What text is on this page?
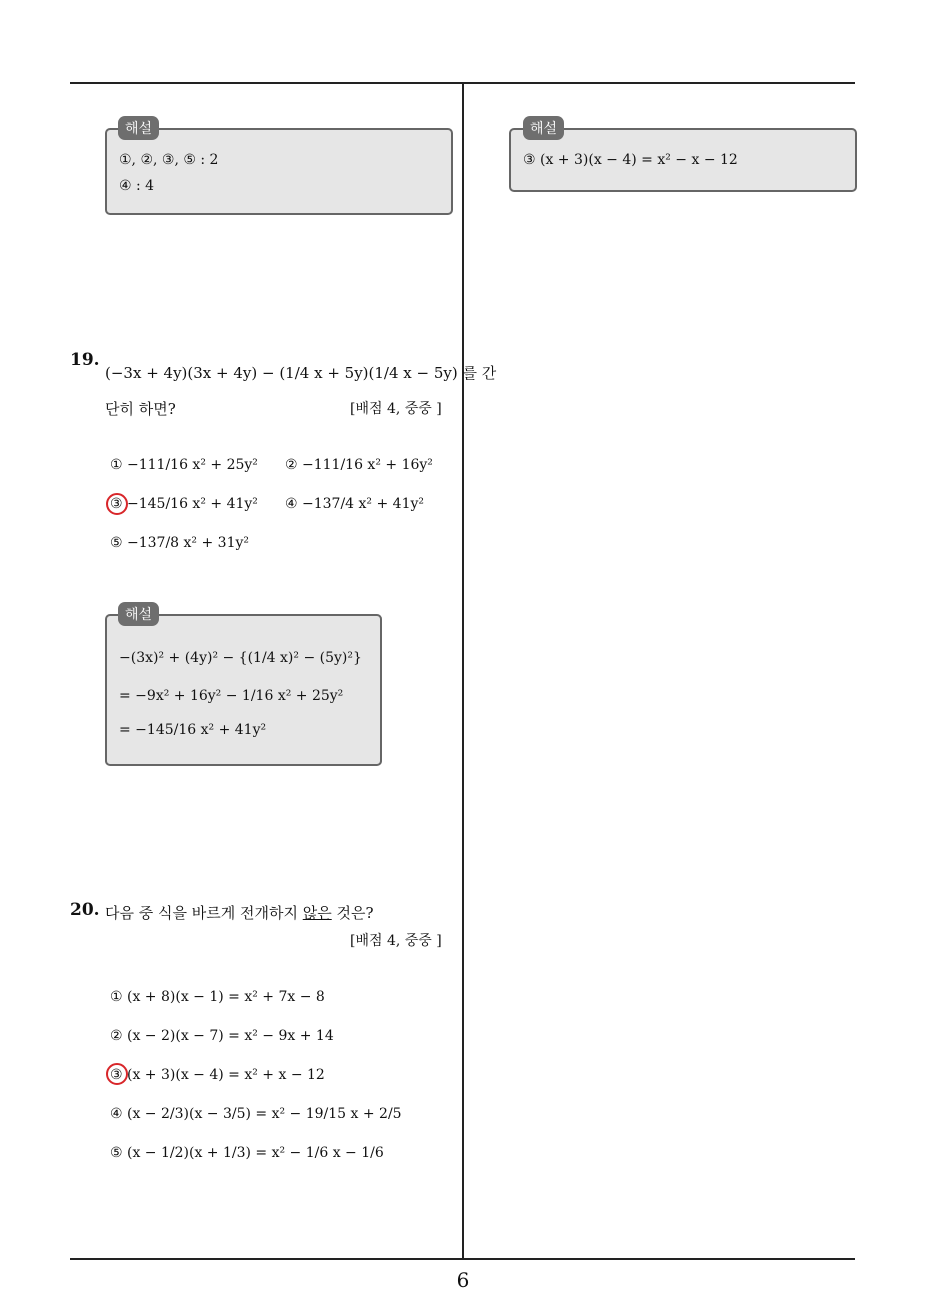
①, ②, ③, ⑤ : 2
④ : 4
해설
19.
(−3x + 4y)(3x + 4y) − (1/4 x + 5y)(1/4 x − 5y) 를 간
단히 하면?	[배점 4, 중중 ]
① −111/16 x² + 25y² ② −111/16 x² + 16y²
③ −145/16 x² + 41y² ④ −137/4 x² + 41y²
⑤ −137/8 x² + 31y²
−(3x)² + (4y)² − {(1/4 x)² − (5y)²}
= −9x² + 16y² − 1/16 x² + 25y²
= −145/16 x² + 41y²
해설
20. 다음 중 식을 바르게 전개하지 않은 것은?
[배점 4, 중중 ]
① (x + 8)(x − 1) = x² + 7x − 8
② (x − 2)(x − 7) = x² − 9x + 14
③ (x + 3)(x − 4) = x² + x − 12
④ (x − 2/3)(x − 3/5) = x² − 19/15 x + 2/5
⑤ (x − 1/2)(x + 1/3) = x² − 1/6 x − 1/6
③ (x + 3)(x − 4) = x² − x − 12
해설
6
